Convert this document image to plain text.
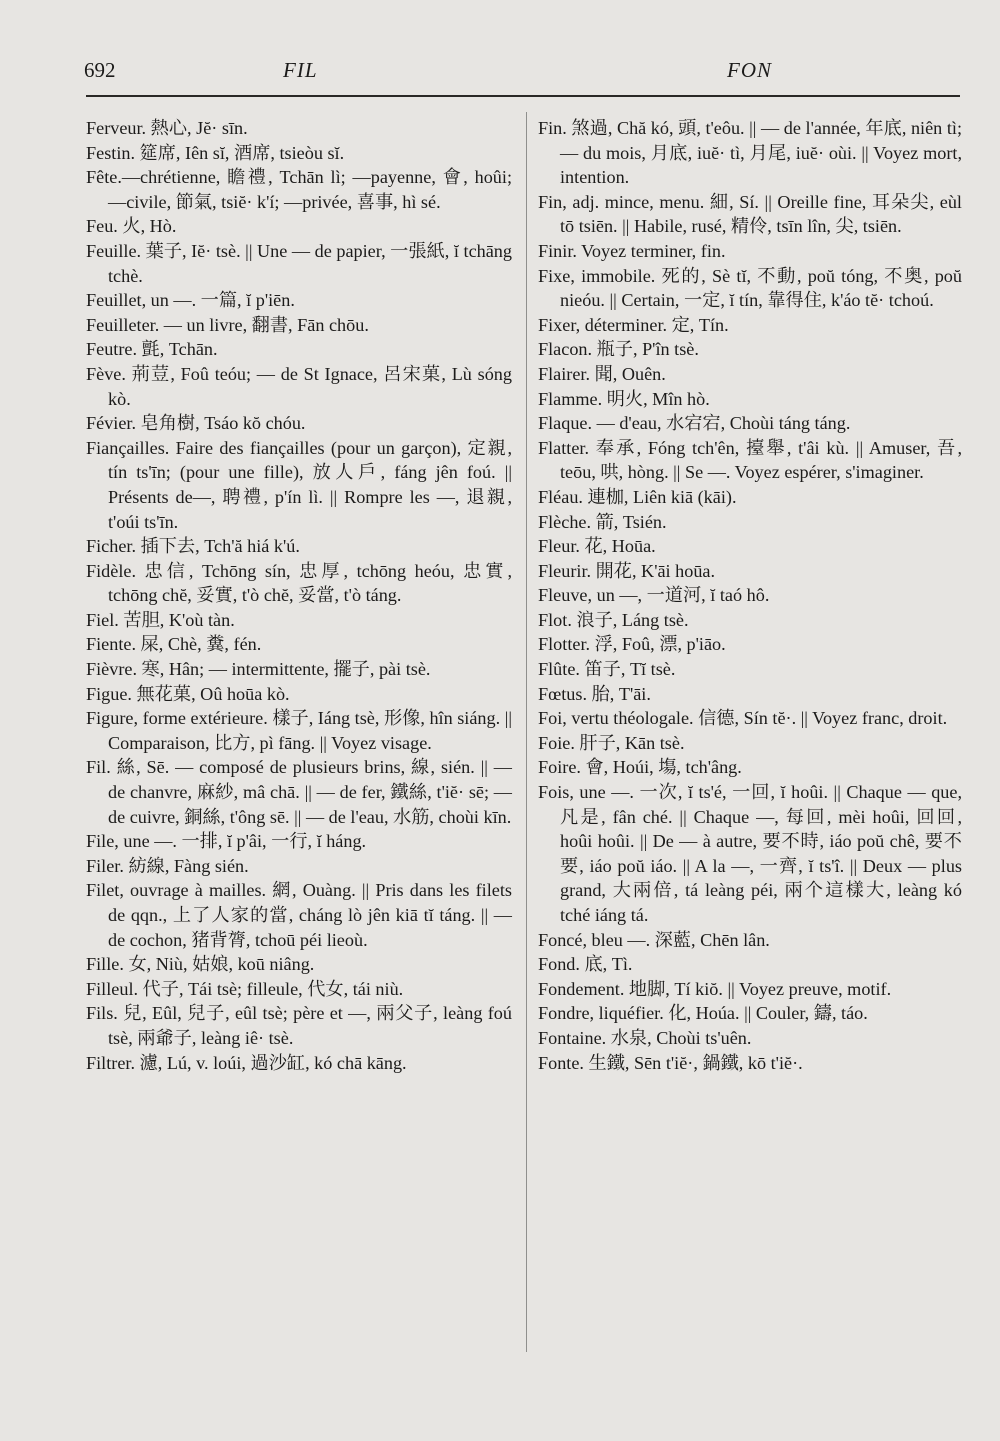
692	FIL	FON

Ferveur. 熱心, Jĕ· sīn.

Festin. 筵席, Iên sĭ, 酒席, tsieòu sĭ.

Fête.—chrétienne, 瞻禮, Tchān lì; —payenne, 會, hoûi; —civile, 節氣, tsiĕ· k'í; —privée, 喜事, hì sé.

Feu. 火, Hò.

Feuille. 葉子, Iĕ· tsè. || Une — de papier, 一張紙, ĭ tchāng tchè.

Feuillet, un —. 一篇, ĭ p'iēn.

Feuilleter. — un livre, 翻書, Fān chōu.

Feutre. 氈, Tchān.

Fève. 荊荳, Foû teóu; — de St Ignace, 呂宋菓, Lù sóng kò.

Févier. 皂角樹, Tsáo kŏ chóu.

Fiançailles. Faire des fiançailles (pour un garçon), 定親, tín ts'īn; (pour une fille), 放人戶, fáng jên foú. || Présents de—, 聘禮, p'ín lì. || Rompre les —, 退親, t'oúi ts'īn.

Ficher. 插下去, Tch'ă hiá k'ú.

Fidèle. 忠信, Tchōng sín, 忠厚, tchōng heóu, 忠實, tchōng chĕ, 妥實, t'ò chĕ, 妥當, t'ò táng.

Fiel. 苦胆, K'où tàn.

Fiente. 屎, Chè, 糞, fén.

Fièvre. 寒, Hân; — intermittente, 擺子, pài tsè.

Figue. 無花菓, Oû hoūa kò.

Figure, forme extérieure. 樣子, Iáng tsè, 形像, hîn siáng. || Comparaison, 比方, pì fāng. || Voyez visage.

Fil. 絲, Sē. — composé de plusieurs brins, 線, sién. || — de chanvre, 麻紗, mâ chā. || — de fer, 鐵絲, t'iĕ· sē; — de cuivre, 銅絲, t'ông sē. || — de l'eau, 水筋, choùi kīn.

File, une —. 一排, ĭ p'âi, 一行, ĭ háng.

Filer. 紡線, Fàng sién.

Filet, ouvrage à mailles. 網, Ouàng. || Pris dans les filets de qqn., 上了人家的當, cháng lò jên kiā tĭ táng. || — de cochon, 猪背膂, tchoū péi lieoù.

Fille. 女, Niù, 姑娘, koū niâng.

Filleul. 代子, Tái tsè; filleule, 代女, tái niù.

Fils. 兒, Eûl, 兒子, eûl tsè; père et —, 兩父子, leàng foú tsè, 兩爺子, leàng iê· tsè.

Filtrer. 濾, Lú, v. loúi, 過沙缸, kó chā kāng.

Fin. 煞過, Chă kó, 頭, t'eôu. || — de l'année, 年底, niên tì; — du mois, 月底, iuĕ· tì, 月尾, iuĕ· oùi. || Voyez mort, intention.

Fin, adj. mince, menu. 細, Sí. || Oreille fine, 耳朵尖, eùl tō tsiēn. || Habile, rusé, 精伶, tsīn lîn, 尖, tsiēn.

Finir. Voyez terminer, fin.

Fixe, immobile. 死的, Sè tĭ, 不動, poŭ tóng, 不奥, poŭ nieóu. || Certain, 一定, ĭ tín, 靠得住, k'áo tĕ· tchoú.

Fixer, déterminer. 定, Tín.

Flacon. 瓶子, P'în tsè.

Flairer. 聞, Ouên.

Flamme. 明火, Mîn hò.

Flaque. — d'eau, 水宕宕, Choùi táng táng.

Flatter. 奉承, Fóng tch'ên, 擡舉, t'âi kù. || Amuser, 吾, teōu, 哄, hòng. || Se —. Voyez espérer, s'imaginer.

Fléau. 連枷, Liên kiā (kāi).

Flèche. 箭, Tsién.

Fleur. 花, Hoūa.

Fleurir. 開花, K'āi hoūa.

Fleuve, un —, 一道河, ĭ taó hô.

Flot. 浪子, Láng tsè.

Flotter. 浮, Foû, 漂, p'iāo.

Flûte. 笛子, Tĭ tsè.

Fœtus. 胎, T'āi.

Foi, vertu théologale. 信德, Sín tĕ·. || Voyez franc, droit.

Foie. 肝子, Kān tsè.

Foire. 會, Hoúi, 塲, tch'âng.

Fois, une —. 一次, ĭ ts'é, 一回, ĭ hoûi. || Chaque — que, 凡是, fân ché. || Chaque —, 每回, mèi hoûi, 回回, hoûi hoûi. || De — à autre, 要不時, iáo poŭ chê, 要不要, iáo poŭ iáo. || A la —, 一齊, ĭ ts'î. || Deux — plus grand, 大兩倍, tá leàng péi, 兩个這樣大, leàng kó tché iáng tá.

Foncé, bleu —. 深藍, Chēn lân.

Fond. 底, Tì.

Fondement. 地脚, Tí kiŏ. || Voyez preuve, motif.

Fondre, liquéfier. 化, Hoúa. || Couler, 鑄, táo.

Fontaine. 水泉, Choùi ts'uên.

Fonte. 生鐵, Sēn t'iĕ·, 鍋鐵, kō t'iĕ·.
